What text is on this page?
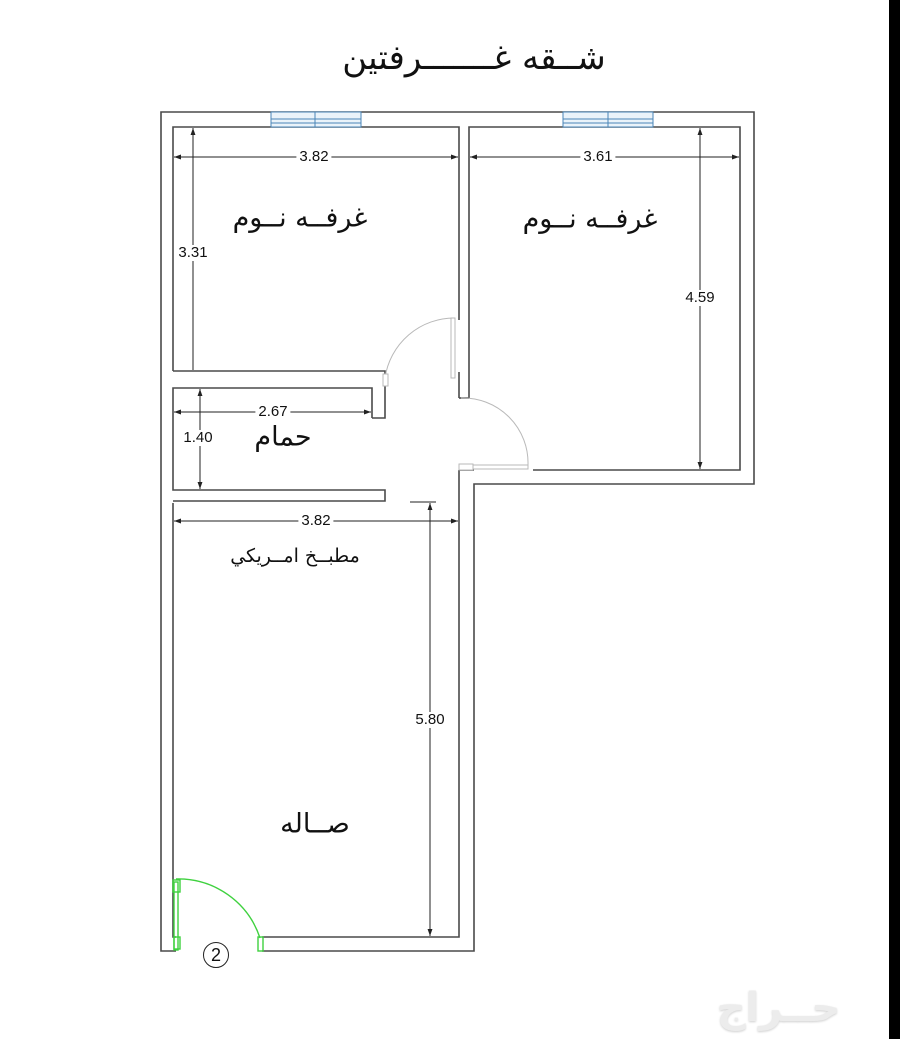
شــقه غـــــــرفتين
غرفــه نــوم	غرفــه نــوم
حمام
مطبــخ امــريكي
صــاله
3.82
3.31
3.61
4.59
2.67
1.40
3.82
5.80
2
حــراج
